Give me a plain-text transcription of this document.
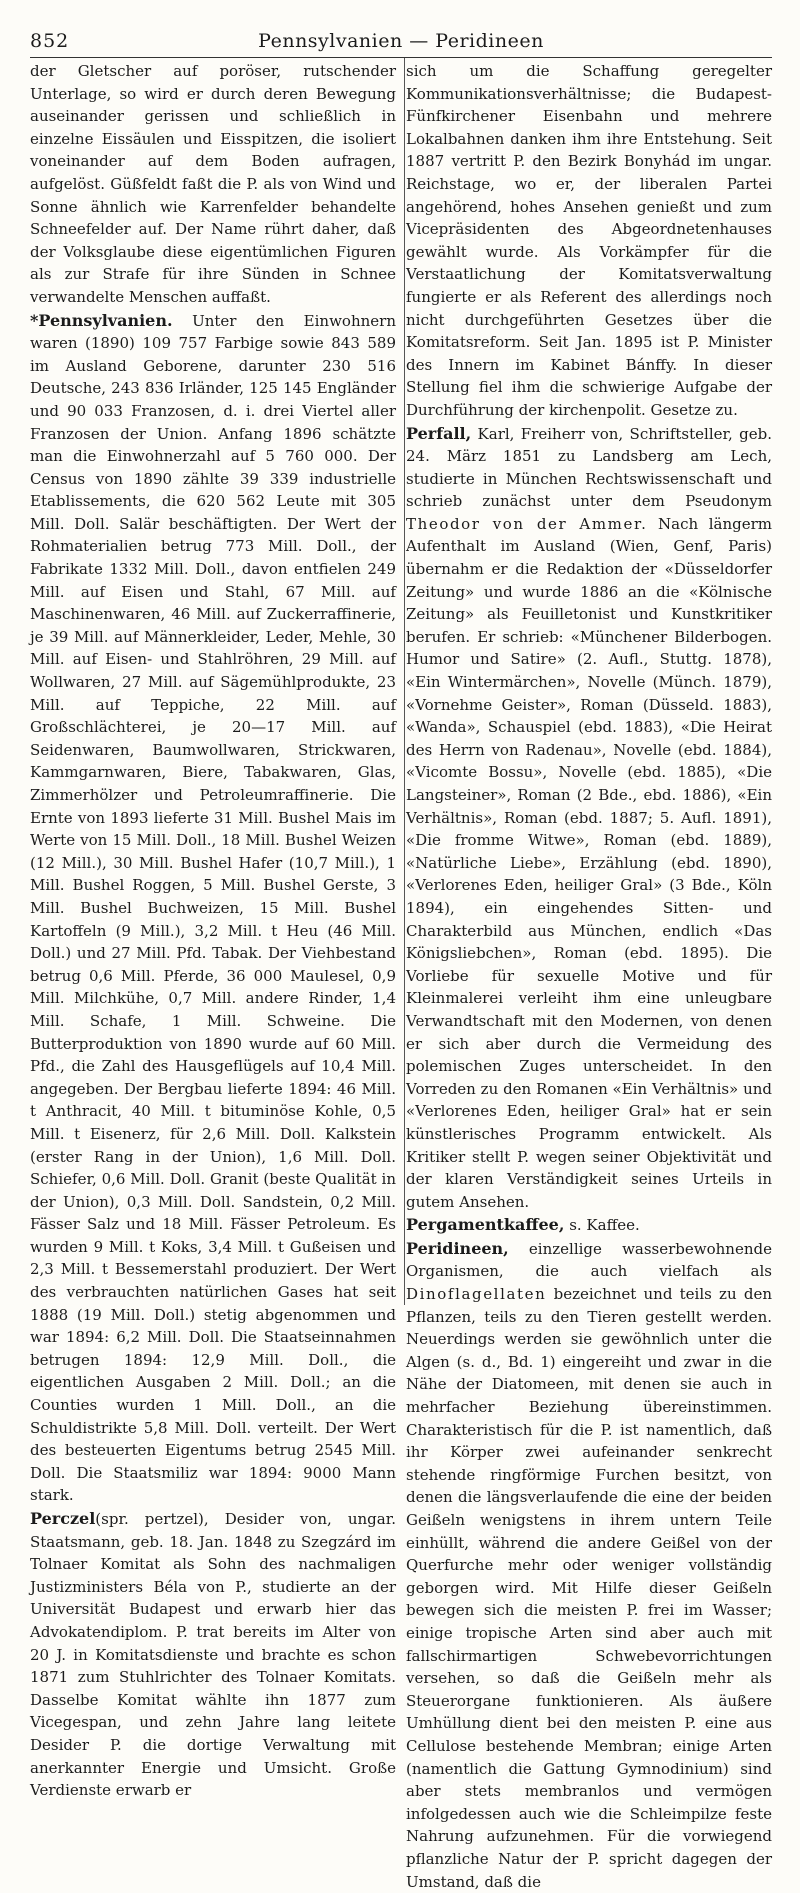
852	Pennsylvanien — Peridineen

der Gletscher auf poröser, rutschender Unterlage, so wird er durch deren Bewegung auseinander gerissen und schließlich in einzelne Eissäulen und Eisspitzen, die isoliert voneinander auf dem Boden aufragen, aufgelöst. Güßfeldt faßt die P. als von Wind und Sonne ähnlich wie Karrenfelder behandelte Schneefelder auf. Der Name rührt daher, daß der Volksglaube diese eigentümlichen Figuren als zur Strafe für ihre Sünden in Schnee verwandelte Menschen auffaßt.

*Pennsylvanien. Unter den Einwohnern waren (1890) 109 757 Farbige sowie 843 589 im Ausland Geborene, darunter 230 516 Deutsche, 243 836 Irländer, 125 145 Engländer und 90 033 Franzosen, d. i. drei Viertel aller Franzosen der Union. Anfang 1896 schätzte man die Einwohnerzahl auf 5 760 000. Der Census von 1890 zählte 39 339 industrielle Etablissements, die 620 562 Leute mit 305 Mill. Doll. Salär beschäftigten. Der Wert der Rohmaterialien betrug 773 Mill. Doll., der Fabrikate 1332 Mill. Doll., davon entfielen 249 Mill. auf Eisen und Stahl, 67 Mill. auf Maschinenwaren, 46 Mill. auf Zuckerraffinerie, je 39 Mill. auf Männerkleider, Leder, Mehle, 30 Mill. auf Eisen- und Stahlröhren, 29 Mill. auf Wollwaren, 27 Mill. auf Sägemühlprodukte, 23 Mill. auf Teppiche, 22 Mill. auf Großschlächterei, je 20—17 Mill. auf Seidenwaren, Baumwollwaren, Strickwaren, Kammgarnwaren, Biere, Tabakwaren, Glas, Zimmerhölzer und Petroleumraffinerie. Die Ernte von 1893 lieferte 31 Mill. Bushel Mais im Werte von 15 Mill. Doll., 18 Mill. Bushel Weizen (12 Mill.), 30 Mill. Bushel Hafer (10,7 Mill.), 1 Mill. Bushel Roggen, 5 Mill. Bushel Gerste, 3 Mill. Bushel Buchweizen, 15 Mill. Bushel Kartoffeln (9 Mill.), 3,2 Mill. t Heu (46 Mill. Doll.) und 27 Mill. Pfd. Tabak. Der Viehbestand betrug 0,6 Mill. Pferde, 36 000 Maulesel, 0,9 Mill. Milchkühe, 0,7 Mill. andere Rinder, 1,4 Mill. Schafe, 1 Mill. Schweine. Die Butterproduktion von 1890 wurde auf 60 Mill. Pfd., die Zahl des Hausgeflügels auf 10,4 Mill. angegeben. Der Bergbau lieferte 1894: 46 Mill. t Anthracit, 40 Mill. t bituminöse Kohle, 0,5 Mill. t Eisenerz, für 2,6 Mill. Doll. Kalkstein (erster Rang in der Union), 1,6 Mill. Doll. Schiefer, 0,6 Mill. Doll. Granit (beste Qualität in der Union), 0,3 Mill. Doll. Sandstein, 0,2 Mill. Fässer Salz und 18 Mill. Fässer Petroleum. Es wurden 9 Mill. t Koks, 3,4 Mill. t Gußeisen und 2,3 Mill. t Bessemerstahl produziert. Der Wert des verbrauchten natürlichen Gases hat seit 1888 (19 Mill. Doll.) stetig abgenommen und war 1894: 6,2 Mill. Doll. Die Staatseinnahmen betrugen 1894: 12,9 Mill. Doll., die eigentlichen Ausgaben 2 Mill. Doll.; an die Counties wurden 1 Mill. Doll., an die Schuldistrikte 5,8 Mill. Doll. verteilt. Der Wert des besteuerten Eigentums betrug 2545 Mill. Doll. Die Staatsmiliz war 1894: 9000 Mann stark.

Perczel(spr. pertzel), Desider von, ungar. Staatsmann, geb. 18. Jan. 1848 zu Szegzárd im Tolnaer Komitat als Sohn des nachmaligen Justizministers Béla von P., studierte an der Universität Budapest und erwarb hier das Advokatendiplom. P. trat bereits im Alter von 20 J. in Komitatsdienste und brachte es schon 1871 zum Stuhlrichter des Tolnaer Komitats. Dasselbe Komitat wählte ihn 1877 zum Vicegespan, und zehn Jahre lang leitete Desider P. die dortige Verwaltung mit anerkannter Energie und Umsicht. Große Verdienste erwarb er

sich um die Schaffung geregelter Kommunikationsverhältnisse; die Budapest-Fünfkirchener Eisenbahn und mehrere Lokalbahnen danken ihm ihre Entstehung. Seit 1887 vertritt P. den Bezirk Bonyhád im ungar. Reichstage, wo er, der liberalen Partei angehörend, hohes Ansehen genießt und zum Vicepräsidenten des Abgeordnetenhauses gewählt wurde. Als Vorkämpfer für die Verstaatlichung der Komitatsverwaltung fungierte er als Referent des allerdings noch nicht durchgeführten Gesetzes über die Komitatsreform. Seit Jan. 1895 ist P. Minister des Innern im Kabinet Bánffy. In dieser Stellung fiel ihm die schwierige Aufgabe der Durchführung der kirchenpolit. Gesetze zu.

Perfall, Karl, Freiherr von, Schriftsteller, geb. 24. März 1851 zu Landsberg am Lech, studierte in München Rechtswissenschaft und schrieb zunächst unter dem Pseudonym Theodor von der Ammer. Nach längerm Aufenthalt im Ausland (Wien, Genf, Paris) übernahm er die Redaktion der «Düsseldorfer Zeitung» und wurde 1886 an die «Kölnische Zeitung» als Feuilletonist und Kunstkritiker berufen. Er schrieb: «Münchener Bilderbogen. Humor und Satire» (2. Aufl., Stuttg. 1878), «Ein Wintermärchen», Novelle (Münch. 1879), «Vornehme Geister», Roman (Düsseld. 1883), «Wanda», Schauspiel (ebd. 1883), «Die Heirat des Herrn von Radenau», Novelle (ebd. 1884), «Vicomte Bossu», Novelle (ebd. 1885), «Die Langsteiner», Roman (2 Bde., ebd. 1886), «Ein Verhältnis», Roman (ebd. 1887; 5. Aufl. 1891), «Die fromme Witwe», Roman (ebd. 1889), «Natürliche Liebe», Erzählung (ebd. 1890), «Verlorenes Eden, heiliger Gral» (3 Bde., Köln 1894), ein eingehendes Sitten- und Charakterbild aus München, endlich «Das Königsliebchen», Roman (ebd. 1895). Die Vorliebe für sexuelle Motive und für Kleinmalerei verleiht ihm eine unleugbare Verwandtschaft mit den Modernen, von denen er sich aber durch die Vermeidung des polemischen Zuges unterscheidet. In den Vorreden zu den Romanen «Ein Verhältnis» und «Verlorenes Eden, heiliger Gral» hat er sein künstlerisches Programm entwickelt. Als Kritiker stellt P. wegen seiner Objektivität und der klaren Verständigkeit seines Urteils in gutem Ansehen.

Pergamentkaffee, s. Kaffee.

Peridineen, einzellige wasserbewohnende Organismen, die auch vielfach als Dinoflagellaten bezeichnet und teils zu den Pflanzen, teils zu den Tieren gestellt werden. Neuerdings werden sie gewöhnlich unter die Algen (s. d., Bd. 1) eingereiht und zwar in die Nähe der Diatomeen, mit denen sie auch in mehrfacher Beziehung übereinstimmen. Charakteristisch für die P. ist namentlich, daß ihr Körper zwei aufeinander senkrecht stehende ringförmige Furchen besitzt, von denen die längsverlaufende die eine der beiden Geißeln wenigstens in ihrem untern Teile einhüllt, während die andere Geißel von der Querfurche mehr oder weniger vollständig geborgen wird. Mit Hilfe dieser Geißeln bewegen sich die meisten P. frei im Wasser; einige tropische Arten sind aber auch mit fallschirmartigen Schwebevorrichtungen versehen, so daß die Geißeln mehr als Steuerorgane funktionieren. Als äußere Umhüllung dient bei den meisten P. eine aus Cellulose bestehende Membran; einige Arten (namentlich die Gattung Gymnodinium) sind aber stets membranlos und vermögen infolgedessen auch wie die Schleimpilze feste Nahrung aufzunehmen. Für die vorwiegend pflanzliche Natur der P. spricht dagegen der Umstand, daß die
